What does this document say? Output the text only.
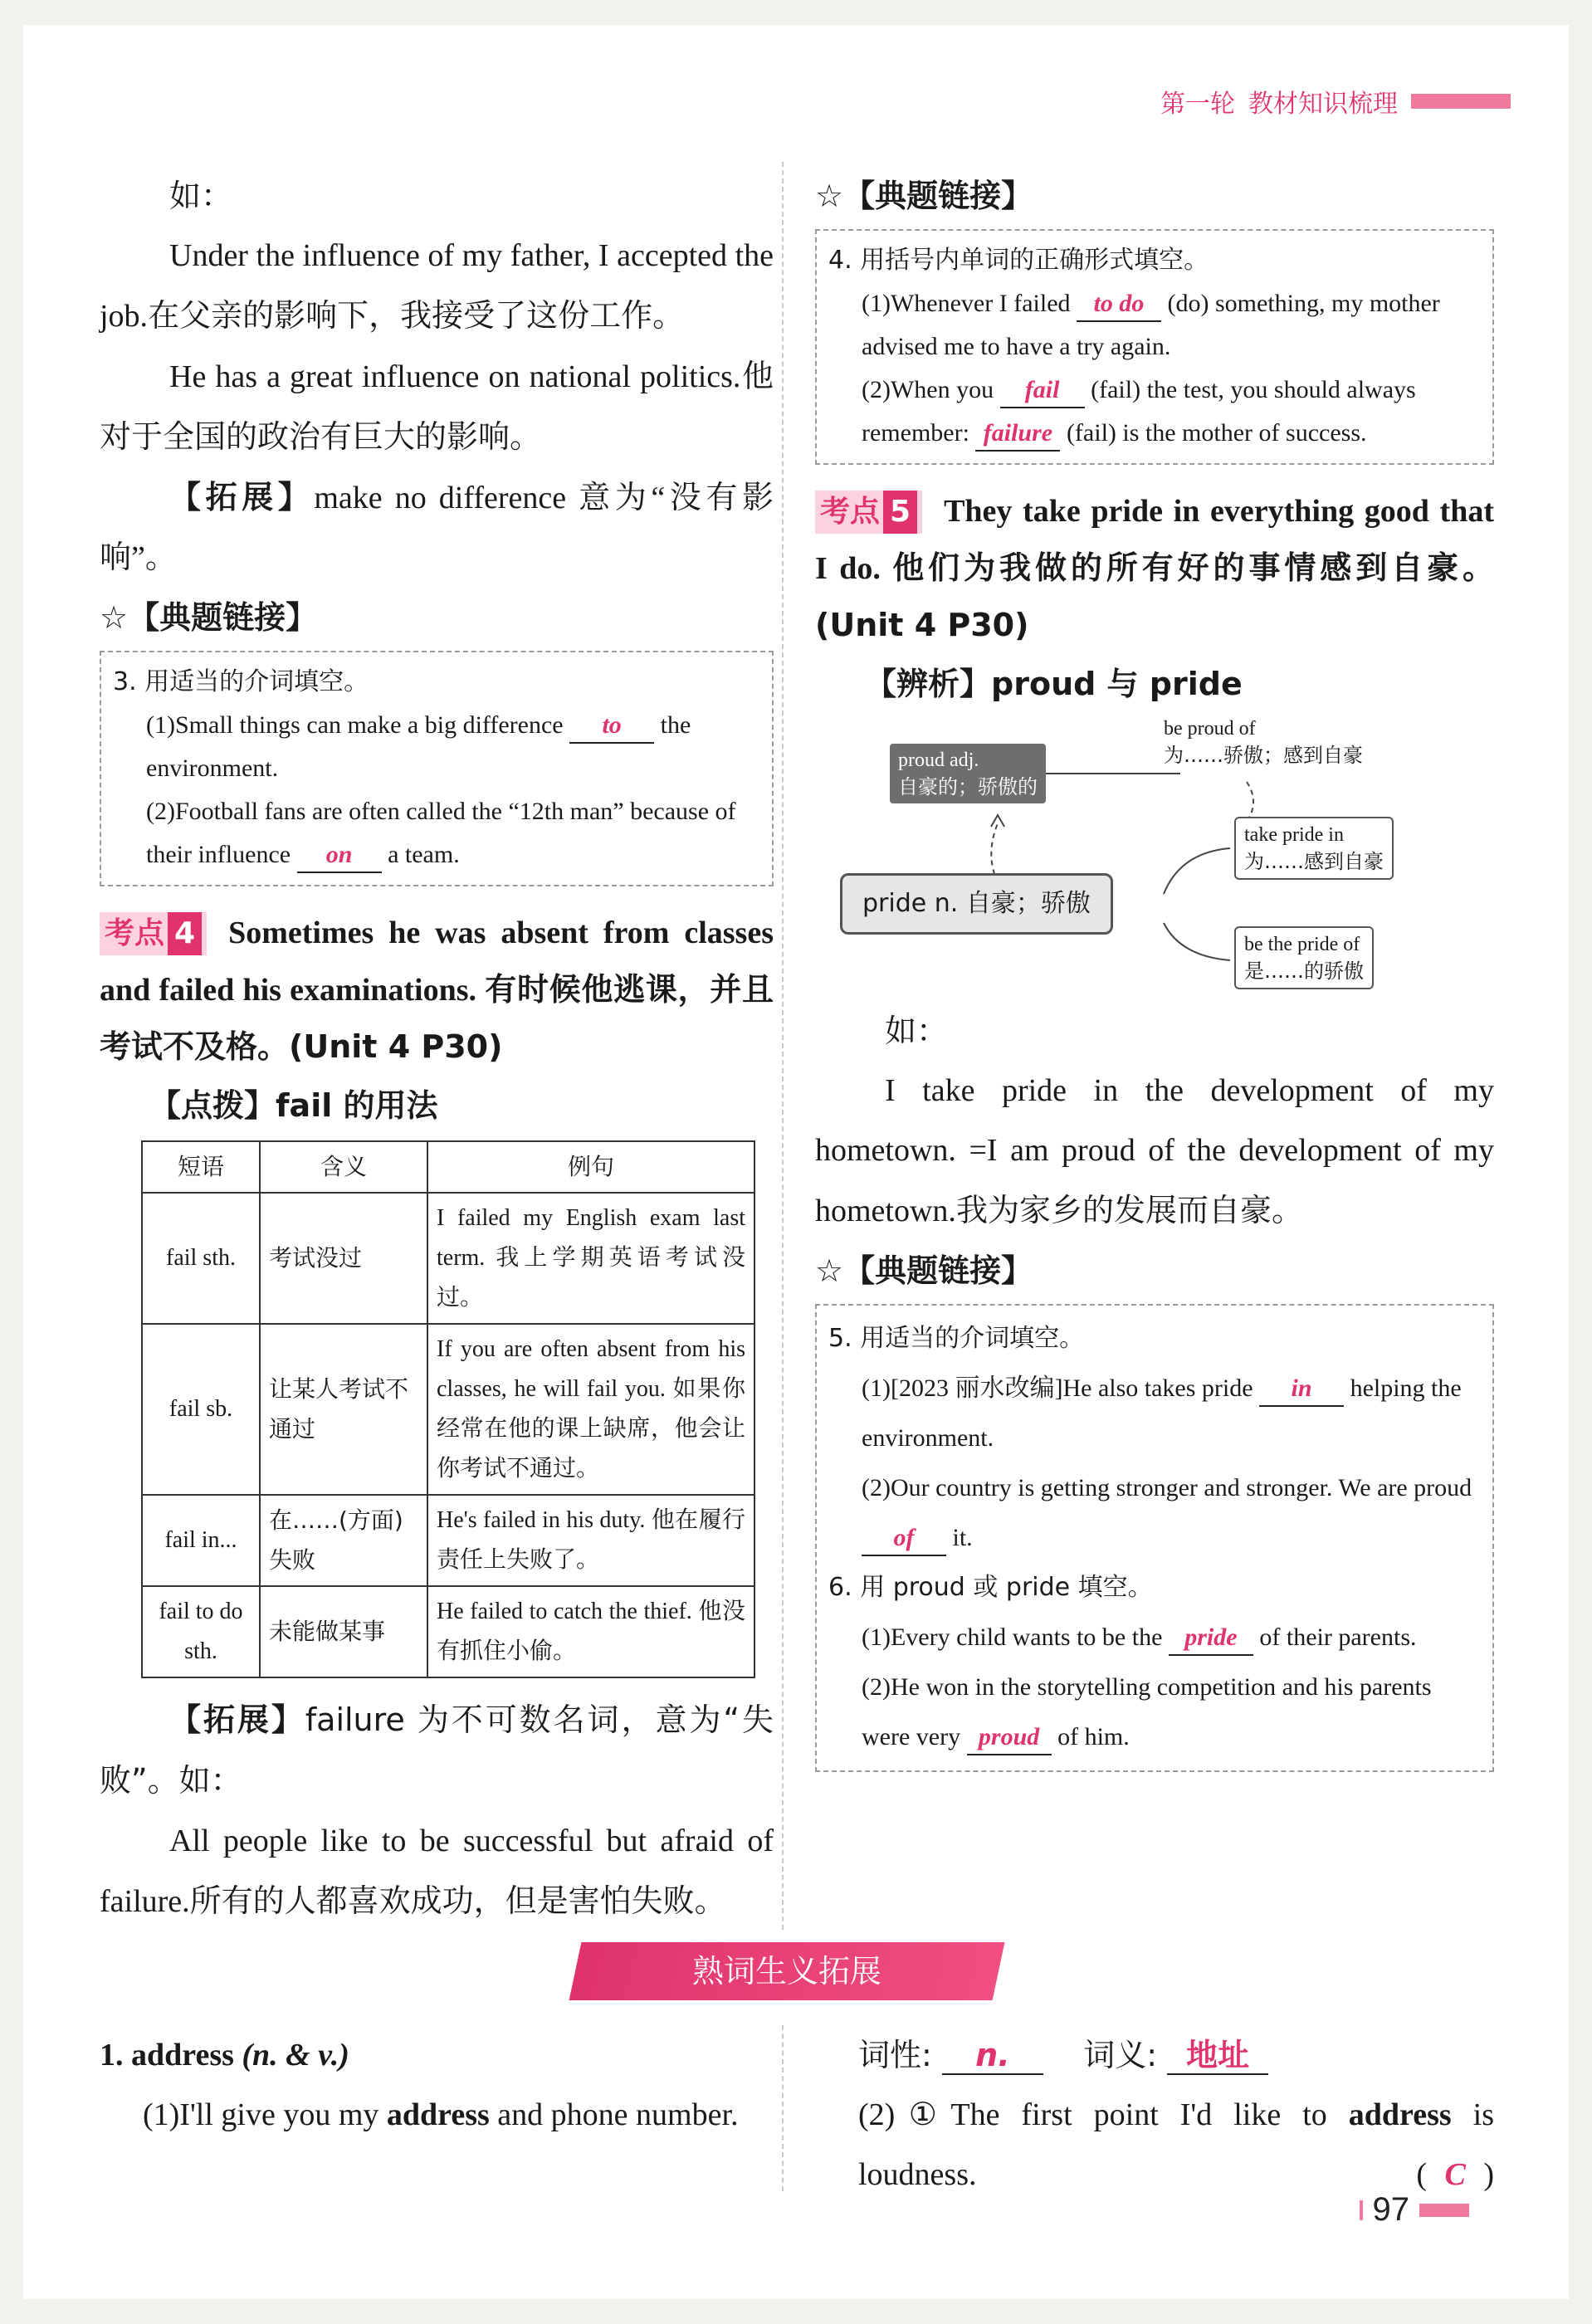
第一轮 教材知识梳理

如：

Under the influence of my father, I accepted the job.在父亲的影响下，我接受了这份工作。

He has a great influence on national politics.他对于全国的政治有巨大的影响。

【拓展】make no difference 意为“没有影响”。

☆【典题链接】

3. 用适当的介词填空。

(1)Small things can make a big difference to the environment.

(2)Football fans are often called the “12th man” because of their influence on a team.

考点 4 Sometimes he was absent from classes and failed his examinations. 有时候他逃课，并且考试不及格。(Unit 4 P30)

【点拨】fail 的用法

短语	含义	例句
fail sth.	考试没过	I failed my English exam last term. 我上学期英语考试没过。
fail sb.	让某人考试不通过	If you are often absent from his classes, he will fail you. 如果你经常在他的课上缺席，他会让你考试不通过。
fail in...	在……(方面)失败	He's failed in his duty. 他在履行责任上失败了。
fail to do sth.	未能做某事	He failed to catch the thief. 他没有抓住小偷。

【拓展】failure 为不可数名词，意为“失败”。如：

All people like to be successful but afraid of failure.所有的人都喜欢成功，但是害怕失败。

☆【典题链接】

4. 用括号内单词的正确形式填空。

(1)Whenever I failed to do (do) something, my mother advised me to have a try again.

(2)When you fail (fail) the test, you should always remember: failure (fail) is the mother of success.

考点 5 They take pride in everything good that I do. 他们为我做的所有好的事情感到自豪。(Unit 4 P30)

【辨析】proud 与 pride

proud adj.
自豪的；骄傲的
be proud of
为……骄傲；感到自豪
pride n. 自豪；骄傲
take pride in
为……感到自豪
be the pride of
是……的骄傲

如：

I take pride in the development of my hometown. =I am proud of the development of my hometown.我为家乡的发展而自豪。

☆【典题链接】

5. 用适当的介词填空。

(1)[2023 丽水改编]He also takes pride in helping the environment.

(2)Our country is getting stronger and stronger. We are proud of it.

6. 用 proud 或 pride 填空。

(1)Every child wants to be the pride of their parents.

(2)He won in the storytelling competition and his parents were very proud of him.

熟词生义拓展

1. address (n. & v.)

(1)I'll give you my address and phone number.

词性: n. 词义: 地址

(2)①The first point I'd like to address is loudness.	( C )

97
